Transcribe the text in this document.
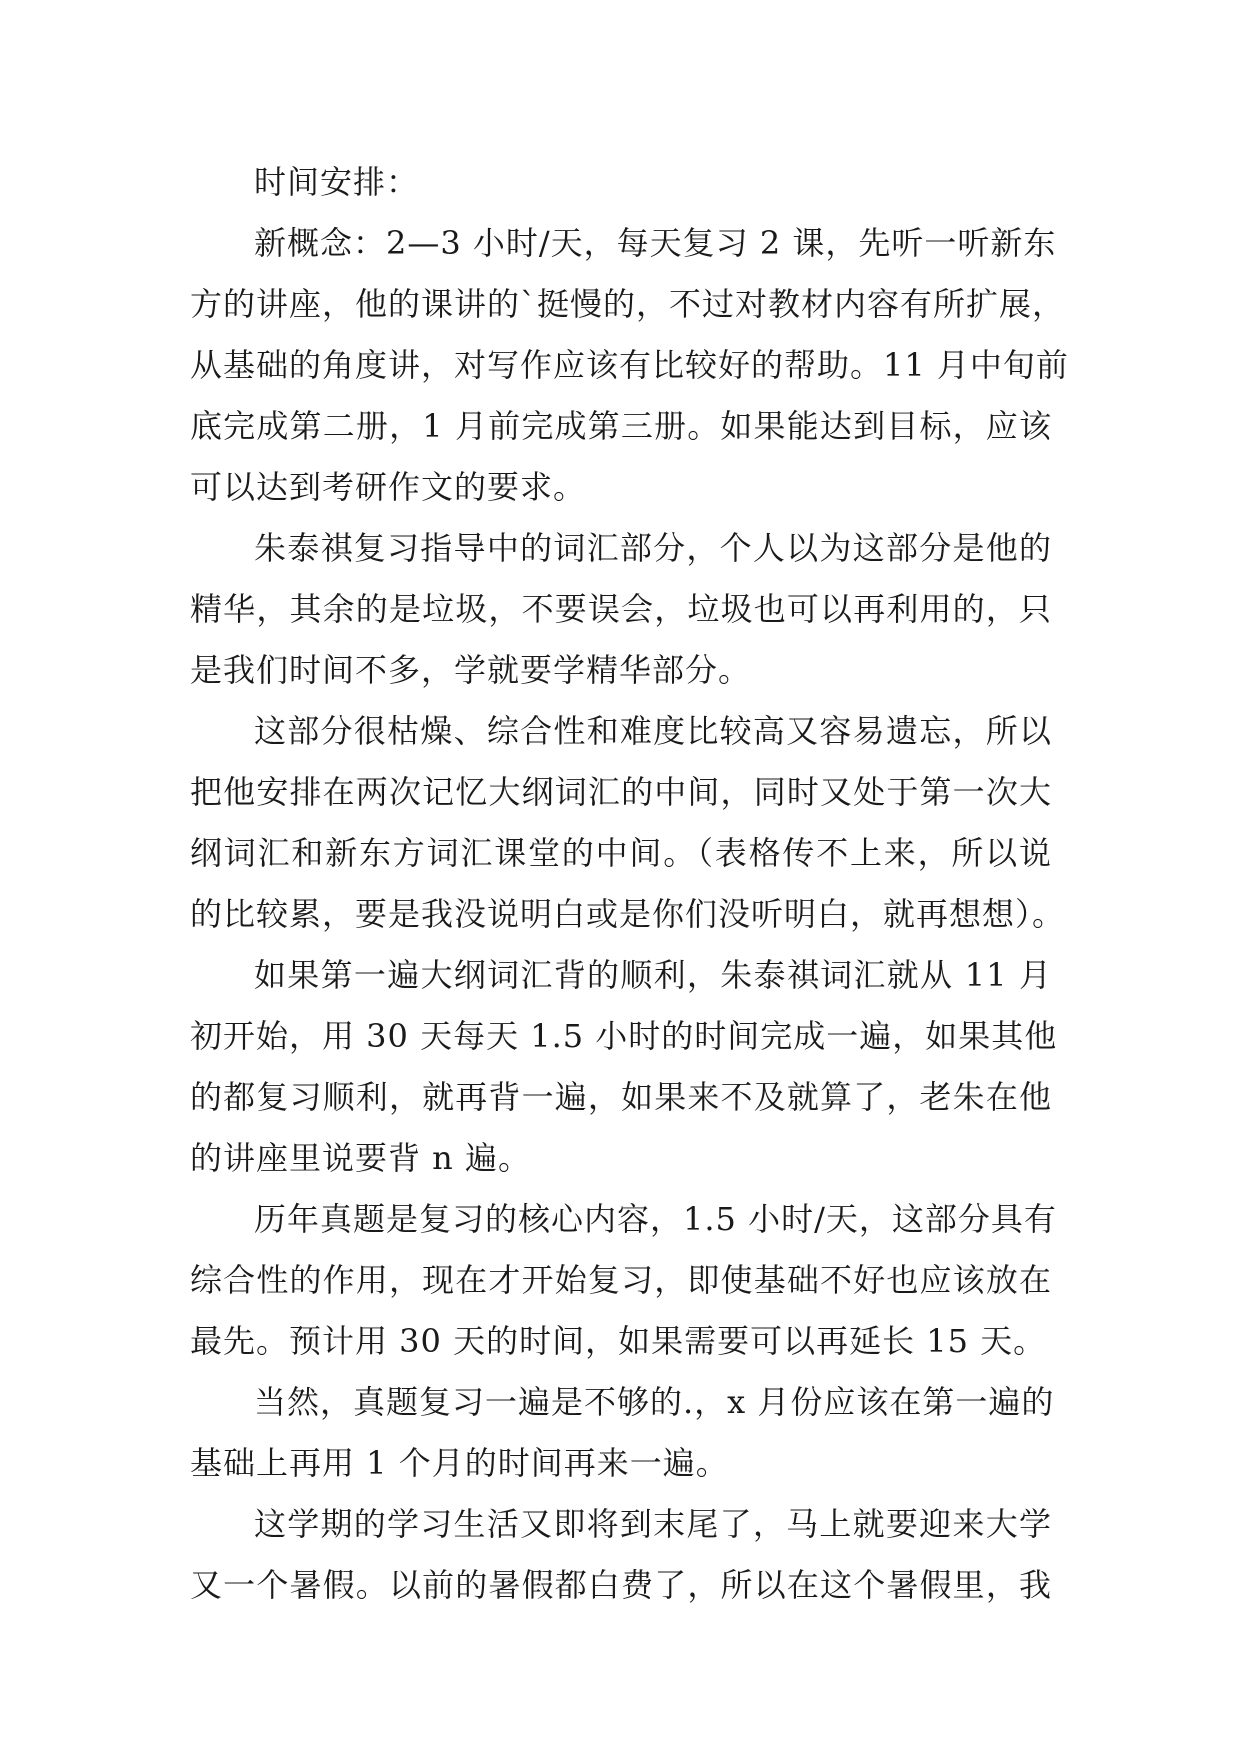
时间安排：
新概念：2—3 小时/天，每天复习 2 课，先听一听新东
方的讲座，他的课讲的`挺慢的，不过对教材内容有所扩展，
从基础的角度讲，对写作应该有比较好的帮助。11 月中旬前
底完成第二册，1 月前完成第三册。如果能达到目标，应该
可以达到考研作文的要求。
朱泰祺复习指导中的词汇部分，个人以为这部分是他的
精华，其余的是垃圾，不要误会，垃圾也可以再利用的，只
是我们时间不多，学就要学精华部分。
这部分很枯燥、综合性和难度比较高又容易遗忘，所以
把他安排在两次记忆大纲词汇的中间，同时又处于第一次大
纲词汇和新东方词汇课堂的中间。（表格传不上来，所以说
的比较累，要是我没说明白或是你们没听明白，就再想想）。
如果第一遍大纲词汇背的顺利，朱泰祺词汇就从 11 月
初开始，用 30 天每天 1.5 小时的时间完成一遍，如果其他
的都复习顺利，就再背一遍，如果来不及就算了，老朱在他
的讲座里说要背 n 遍。
历年真题是复习的核心内容，1.5 小时/天，这部分具有
综合性的作用，现在才开始复习，即使基础不好也应该放在
最先。预计用 30 天的时间，如果需要可以再延长 15 天。
当然，真题复习一遍是不够的.，x 月份应该在第一遍的
基础上再用 1 个月的时间再来一遍。
这学期的学习生活又即将到末尾了，马上就要迎来大学
又一个暑假。以前的暑假都白费了，所以在这个暑假里，我
